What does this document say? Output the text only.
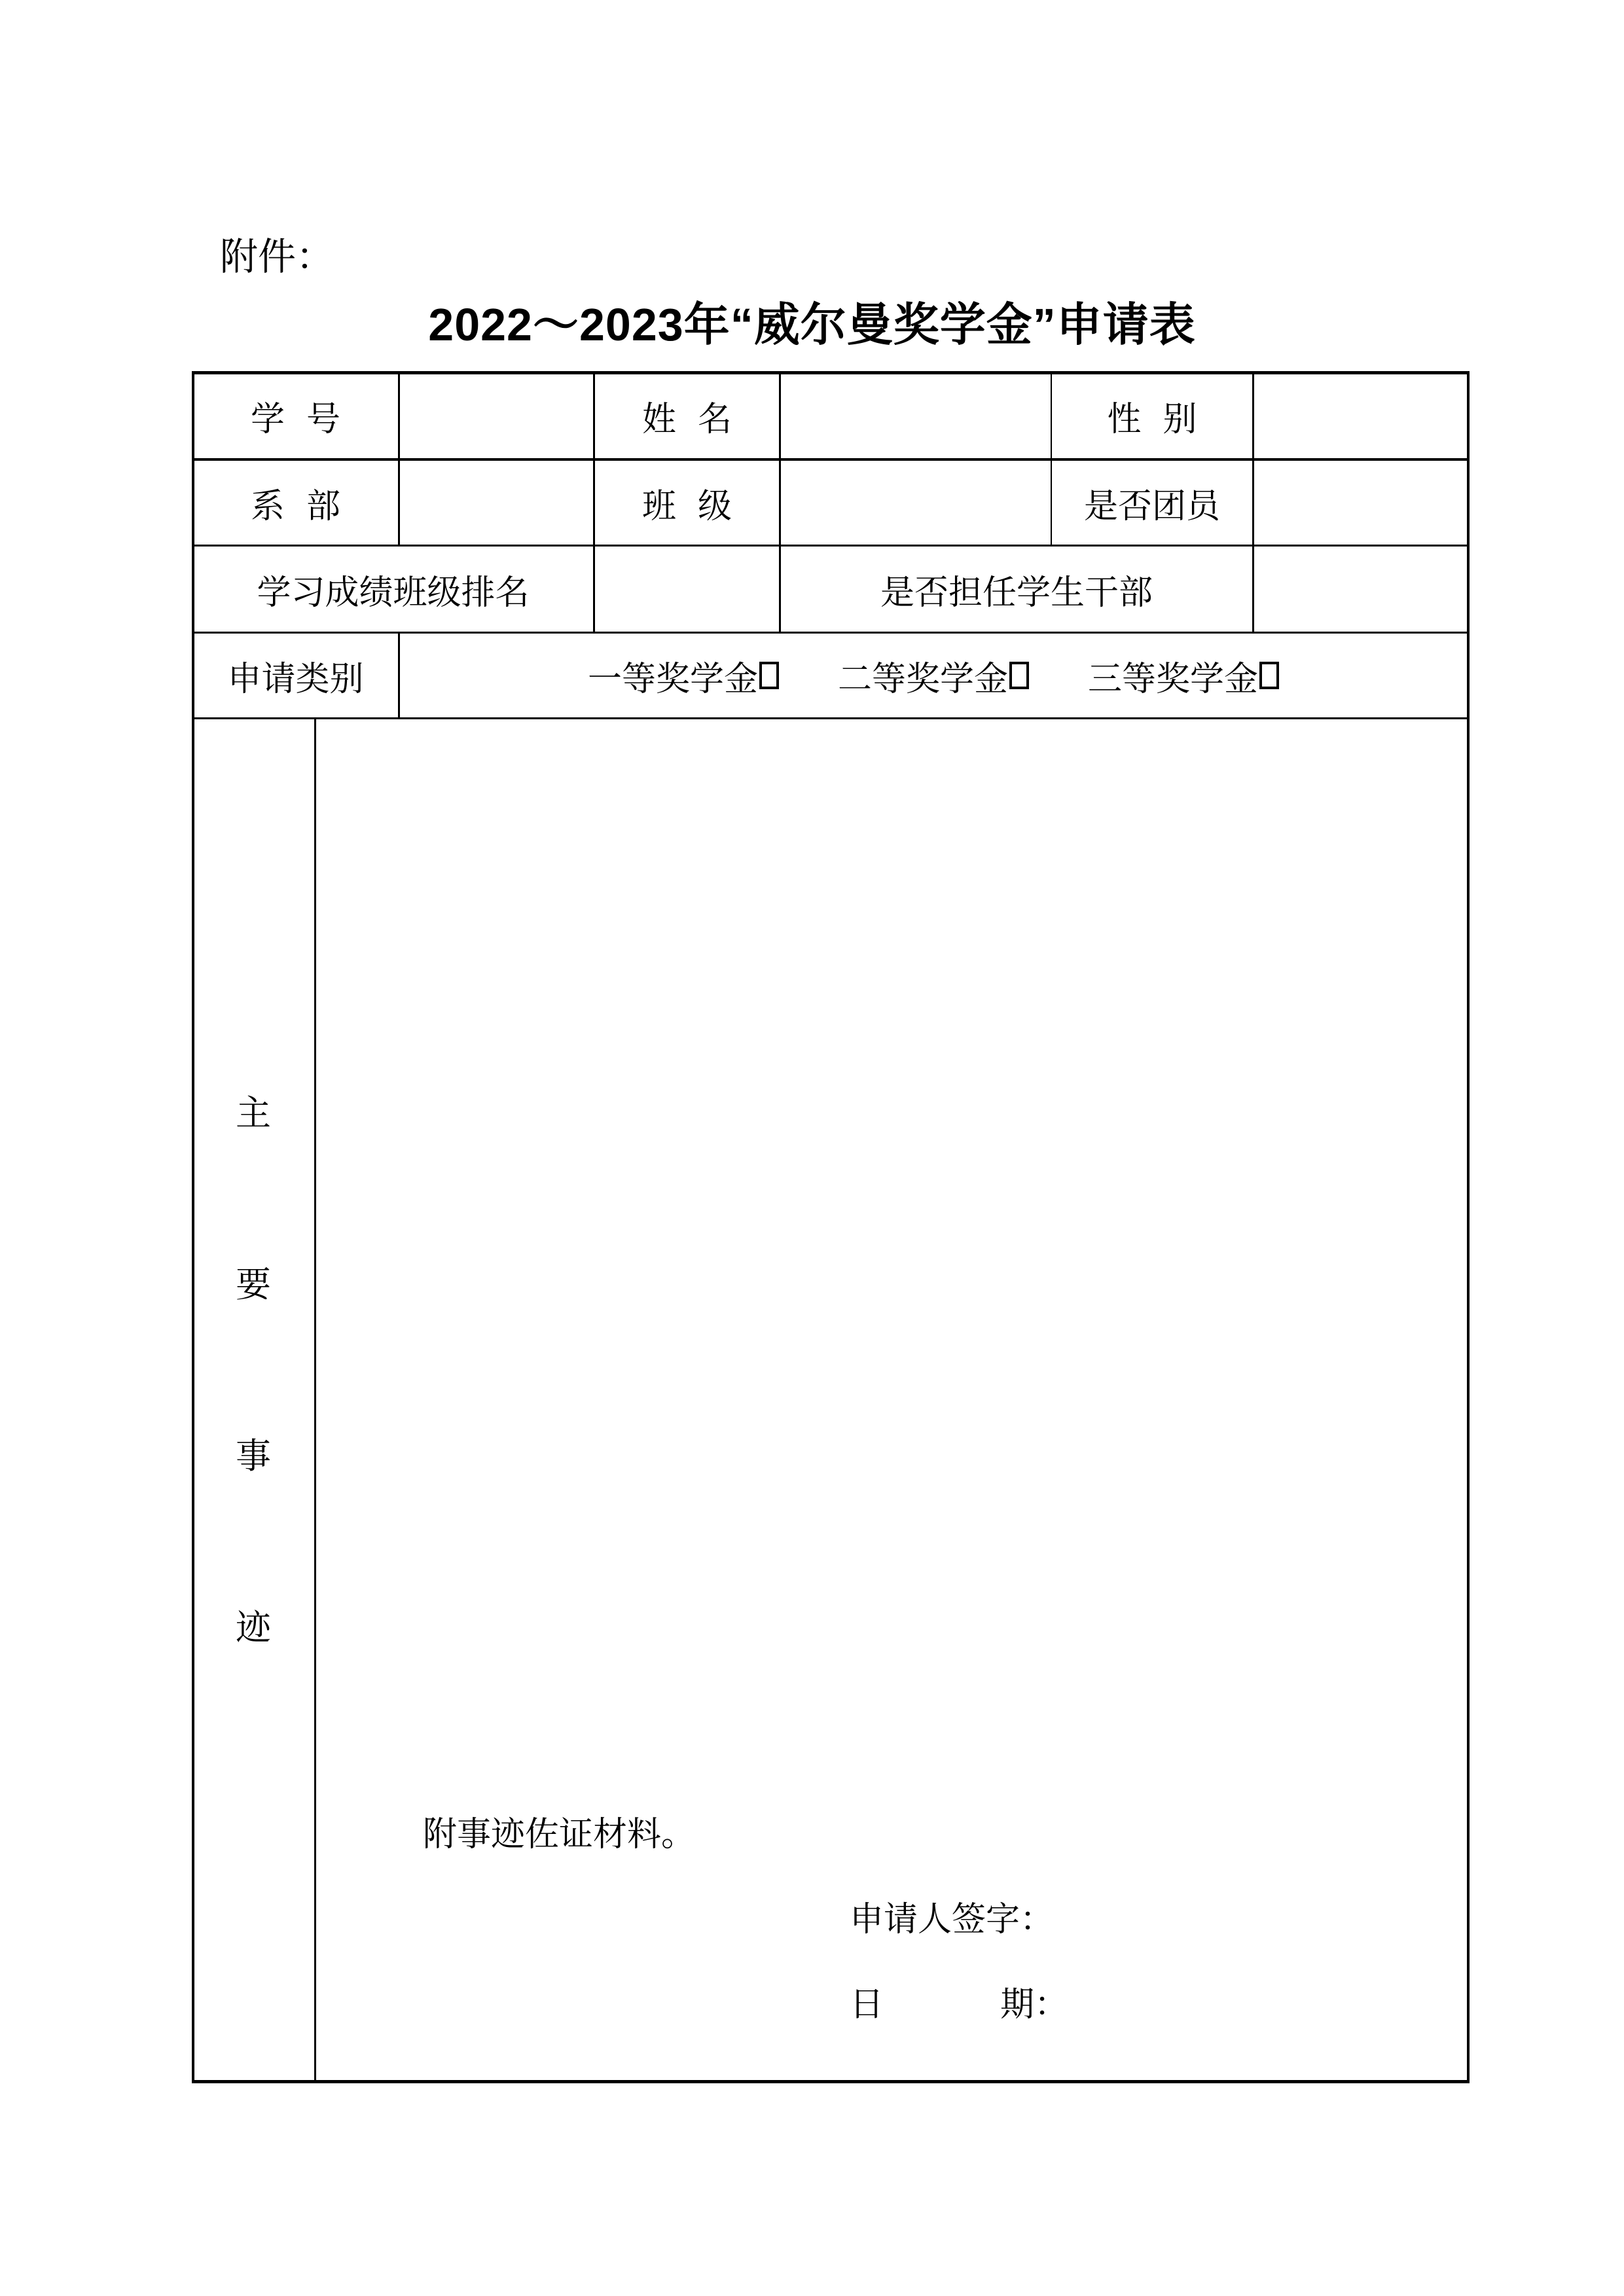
附件：
2022～2023年“威尔曼奖学金”申请表
学  号	姓  名	性  别
系  部	班  级	是否团员
学习成绩班级排名	是否担任学生干部
申请类别	一等奖学金 二等奖学金 三等奖学金
主
要
事
迹
附事迹佐证材料。
申请人签字：
日	期：
